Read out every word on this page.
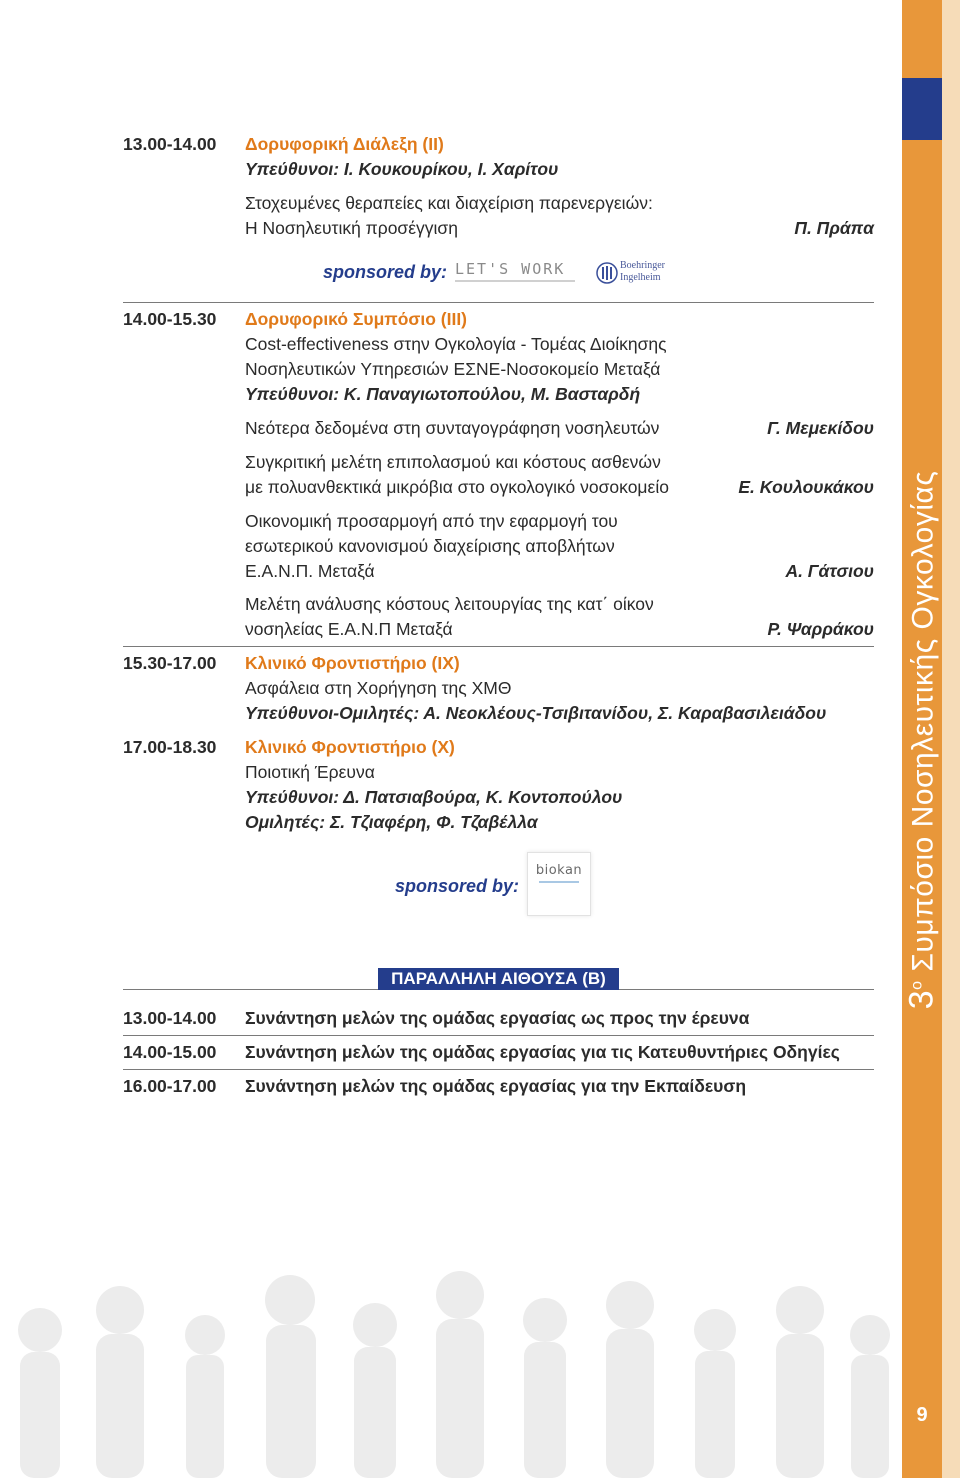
$3^o$ Συμπόσιο Νοσηλευτικής Ογκολογίας
9
13.00-14.00 Δορυφορική Διάλεξη (ΙΙ)
Υπεύθυνοι: Ι. Κουκουρίκου, Ι. Χαρίτου
Στοχευμένες θεραπείες και διαχείριση παρενεργειών:
Η Νοσηλευτική προσέγγιση	Π. Πράπα
sponsored by: LET'S WORK	Boehringer
Ingelheim
14.00-15.30 Δορυφορικό Συμπόσιο (ΙΙΙ)
Cost-effectiveness στην Ογκολογία - Τομέας Διοίκησης
Νοσηλευτικών Υπηρεσιών ΕΣΝΕ-Νοσοκομείο Μεταξά
Υπεύθυνοι: Κ. Παναγιωτοπούλου, Μ. Βασταρδή
Νεότερα δεδομένα στη συνταγογράφηση νοσηλευτών	Γ. Μεμεκίδου
Συγκριτική μελέτη επιπολασμού και κόστους ασθενών
με πολυανθεκτικά μικρόβια στο ογκολογικό νοσοκομείο	Ε. Κουλουκάκου
Οικονομική προσαρμογή από την εφαρμογή του
εσωτερικού κανονισμού διαχείρισης αποβλήτων
Ε.Α.Ν.Π. Μεταξά	Α. Γάτσιου
Μελέτη ανάλυσης κόστους λειτουργίας της κατ΄ οίκον
νοσηλείας Ε.Α.Ν.Π Μεταξά	Ρ. Ψαρράκου
15.30-17.00 Κλινικό Φροντιστήριο (ΙΧ)
Ασφάλεια στη Χορήγηση της ΧΜΘ
Υπεύθυνοι-Ομιλητές: Α. Νεοκλέους-Τσιβιτανίδου, Σ. Καραβασιλειάδου
17.00-18.30 Κλινικό Φροντιστήριο (Χ)
Ποιοτική Έρευνα
Υπεύθυνοι: Δ. Πατσιαβούρα, Κ. Κοντοπούλου
Ομιλητές: Σ. Τζιαφέρη, Φ. Τζαβέλλα
sponsored by:
biokan
ΠΑΡΑΛΛΗΛΗ ΑΙΘΟΥΣΑ (Β)
13.00-14.00 Συνάντηση μελών της ομάδας εργασίας ως προς την έρευνα
14.00-15.00 Συνάντηση μελών της ομάδας εργασίας για τις Κατευθυντήριες Οδηγίες
16.00-17.00 Συνάντηση μελών της ομάδας εργασίας για την Εκπαίδευση
